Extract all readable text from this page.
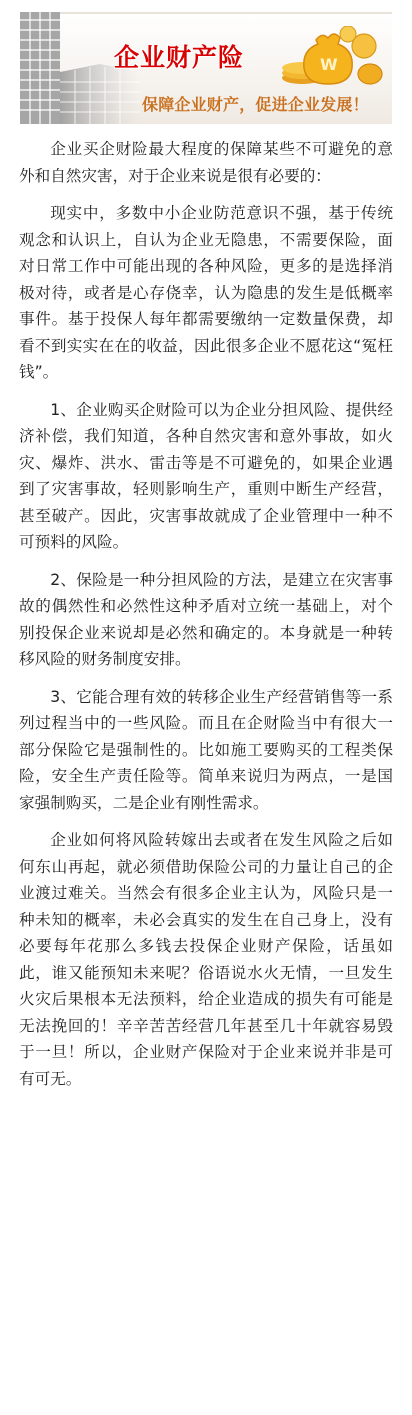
W
企业财产险
保障企业财产，促进企业发展！

企业买企财险最大程度的保障某些不可避免的意外和自然灾害，对于企业来说是很有必要的：

现实中，多数中小企业防范意识不强，基于传统观念和认识上，自认为企业无隐患，不需要保险，面对日常工作中可能出现的各种风险，更多的是选择消极对待，或者是心存侥幸，认为隐患的发生是低概率事件。基于投保人每年都需要缴纳一定数量保费，却看不到实实在在的收益，因此很多企业不愿花这“冤枉钱”。

1、企业购买企财险可以为企业分担风险、提供经济补偿，我们知道，各种自然灾害和意外事故，如火灾、爆炸、洪水、雷击等是不可避免的，如果企业遇到了灾害事故，轻则影响生产，重则中断生产经营，甚至破产。因此，灾害事故就成了企业管理中一种不可预料的风险。

2、保险是一种分担风险的方法，是建立在灾害事故的偶然性和必然性这种矛盾对立统一基础上，对个别投保企业来说却是必然和确定的。本身就是一种转移风险的财务制度安排。

3、它能合理有效的转移企业生产经营销售等一系列过程当中的一些风险。而且在企财险当中有很大一部分保险它是强制性的。比如施工要购买的工程类保险，安全生产责任险等。简单来说归为两点，一是国家强制购买，二是企业有刚性需求。

企业如何将风险转嫁出去或者在发生风险之后如何东山再起，就必须借助保险公司的力量让自己的企业渡过难关。当然会有很多企业主认为，风险只是一种未知的概率，未必会真实的发生在自己身上，没有必要每年花那么多钱去投保企业财产保险，话虽如此，谁又能预知未来呢？俗语说水火无情，一旦发生火灾后果根本无法预料，给企业造成的损失有可能是无法挽回的！辛辛苦苦经营几年甚至几十年就容易毁于一旦！所以，企业财产保险对于企业来说并非是可有可无。
